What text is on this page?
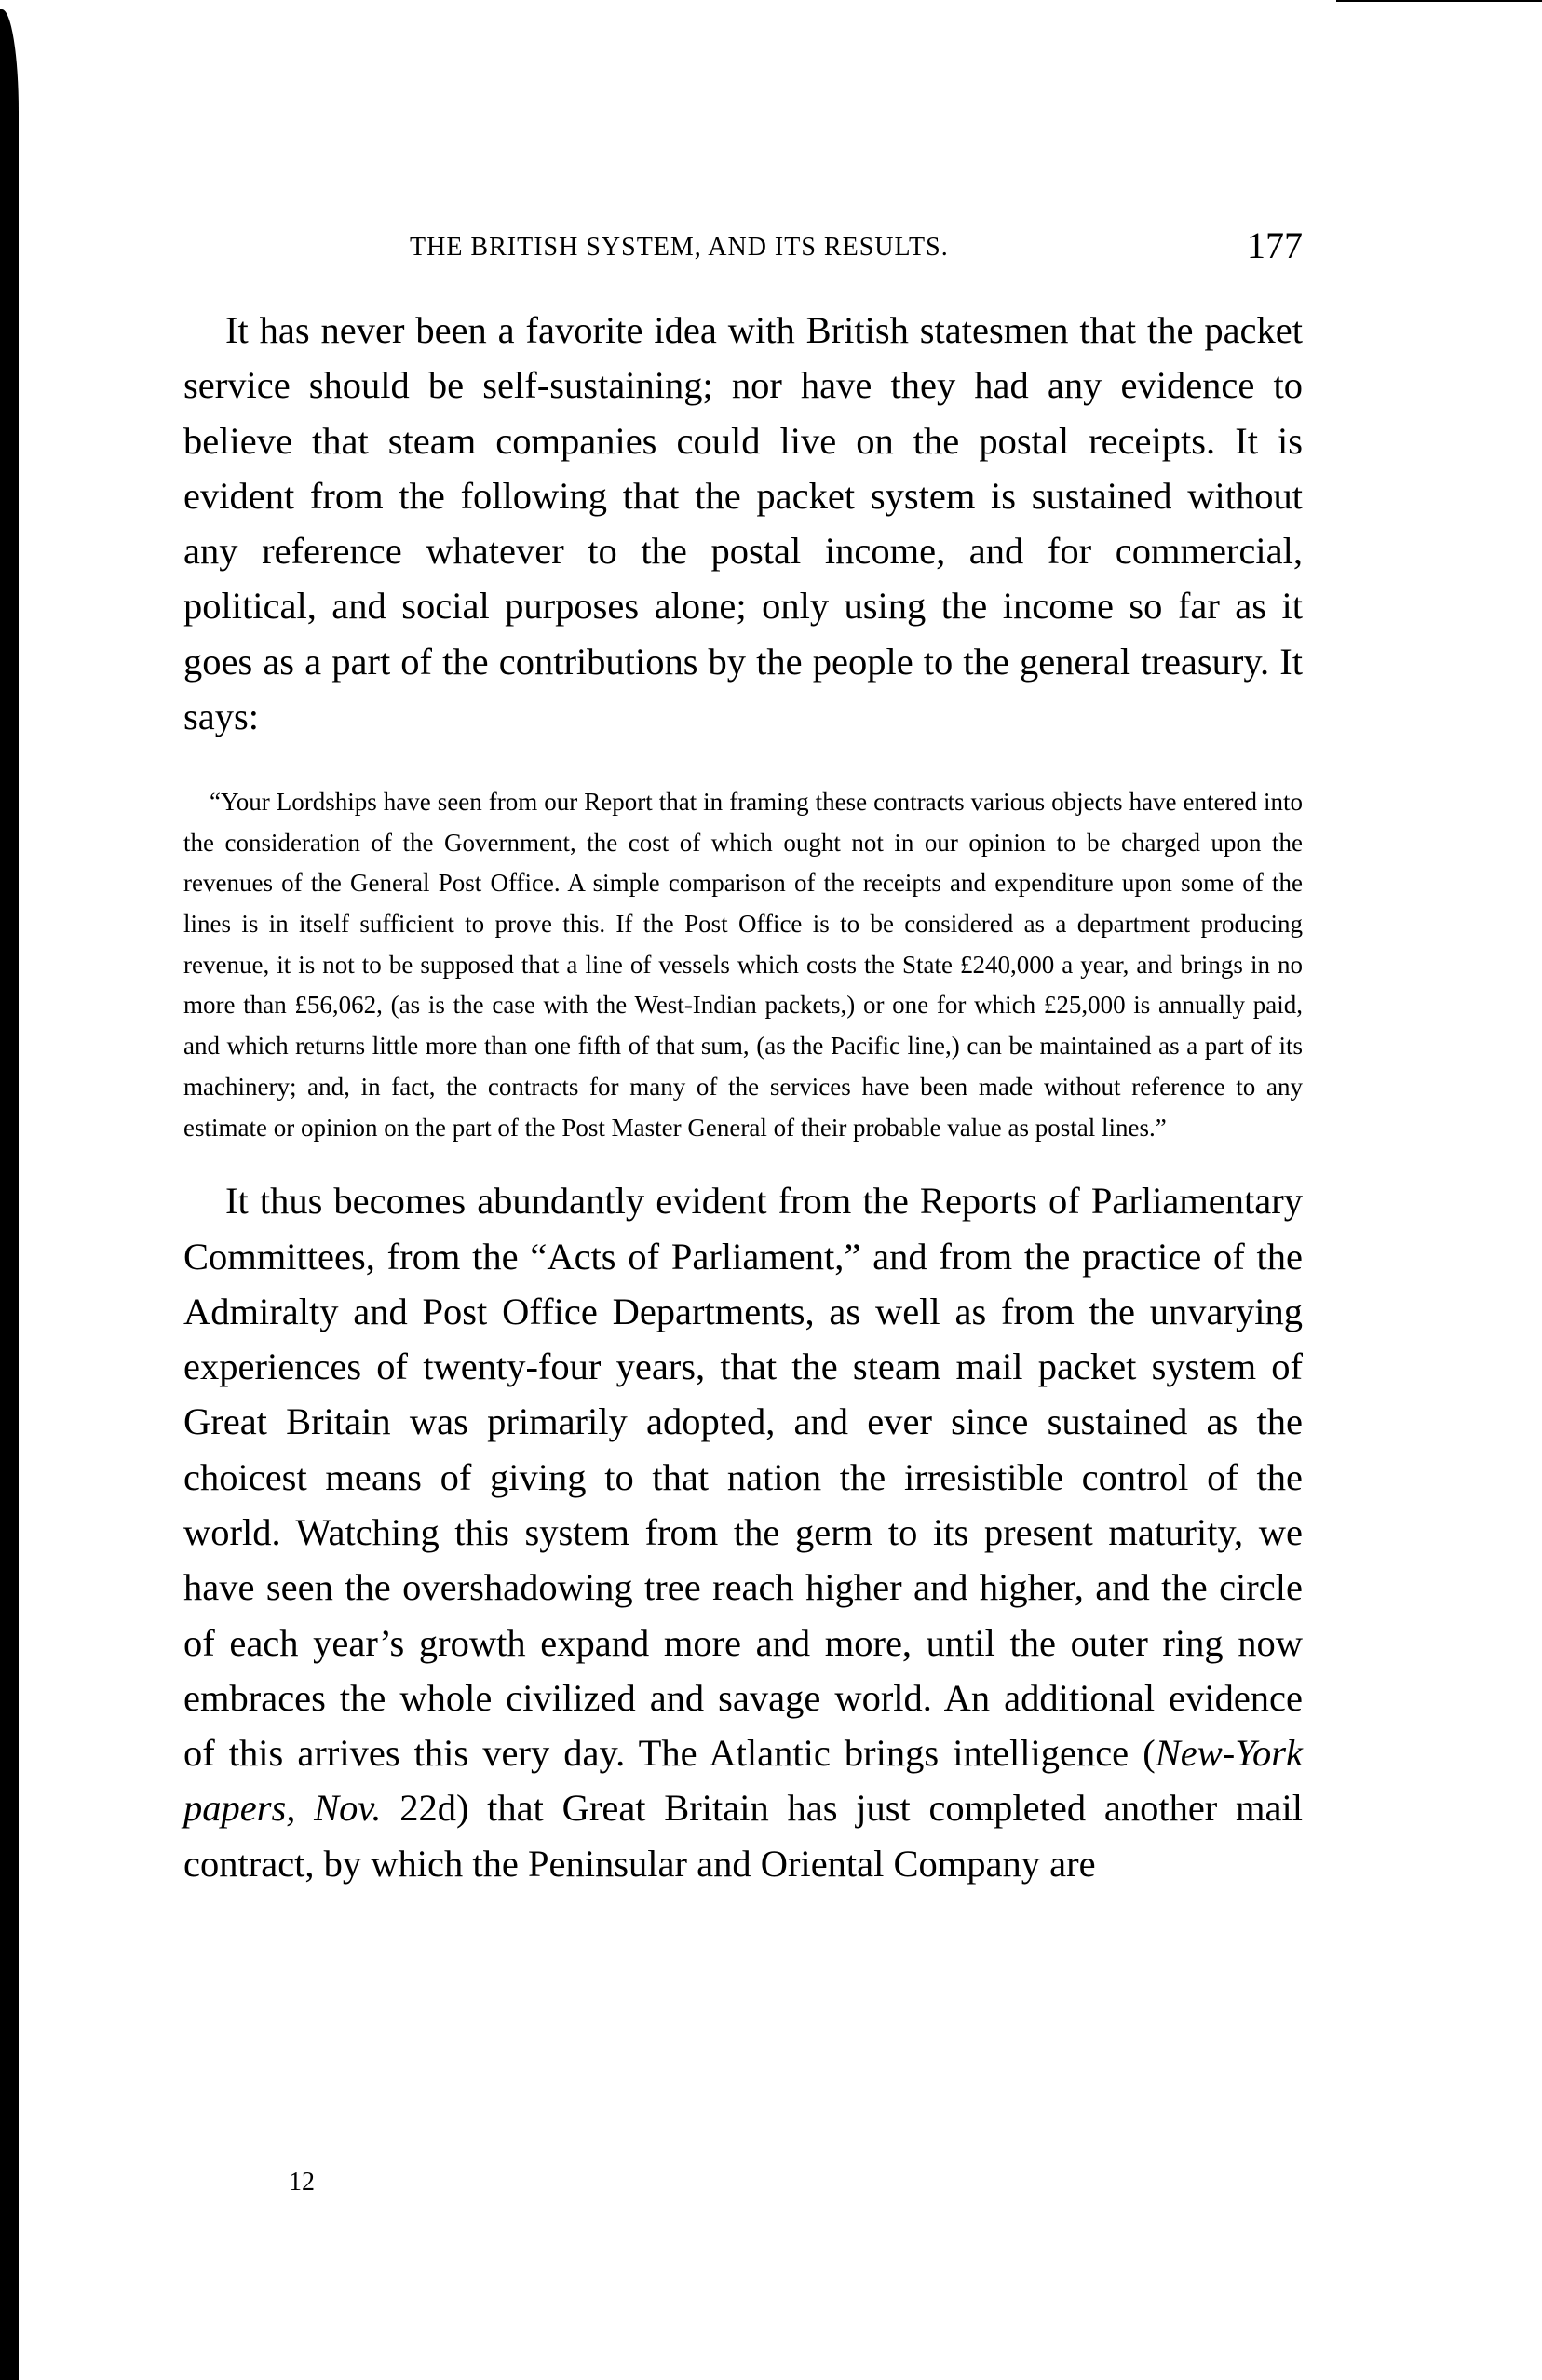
THE BRITISH SYSTEM, AND ITS RESULTS.	177

It has never been a favorite idea with British statesmen that the packet service should be self-sustaining; nor have they had any evidence to believe that steam companies could live on the postal receipts. It is evident from the following that the packet system is sustained without any reference whatever to the postal income, and for commercial, political, and social purposes alone; only using the income so far as it goes as a part of the contributions by the people to the general treasury. It says:

“Your Lordships have seen from our Report that in framing these contracts various objects have entered into the consideration of the Government, the cost of which ought not in our opinion to be charged upon the revenues of the General Post Office. A simple comparison of the receipts and expenditure upon some of the lines is in itself sufficient to prove this. If the Post Office is to be considered as a department producing revenue, it is not to be supposed that a line of vessels which costs the State £240,000 a year, and brings in no more than £56,062, (as is the case with the West-Indian packets,) or one for which £25,000 is annually paid, and which returns little more than one fifth of that sum, (as the Pacific line,) can be maintained as a part of its machinery; and, in fact, the contracts for many of the services have been made without reference to any estimate or opinion on the part of the Post Master General of their probable value as postal lines.”

It thus becomes abundantly evident from the Reports of Parliamentary Committees, from the “Acts of Parliament,” and from the practice of the Admiralty and Post Office Departments, as well as from the unvarying experiences of twenty-four years, that the steam mail packet system of Great Britain was primarily adopted, and ever since sustained as the choicest means of giving to that nation the irresistible control of the world. Watching this system from the germ to its present maturity, we have seen the overshadowing tree reach higher and higher, and the circle of each year’s growth expand more and more, until the outer ring now embraces the whole civilized and savage world. An additional evidence of this arrives this very day. The Atlantic brings intelligence (New-York papers, Nov. 22d) that Great Britain has just completed another mail contract, by which the Peninsular and Oriental Company are

12
